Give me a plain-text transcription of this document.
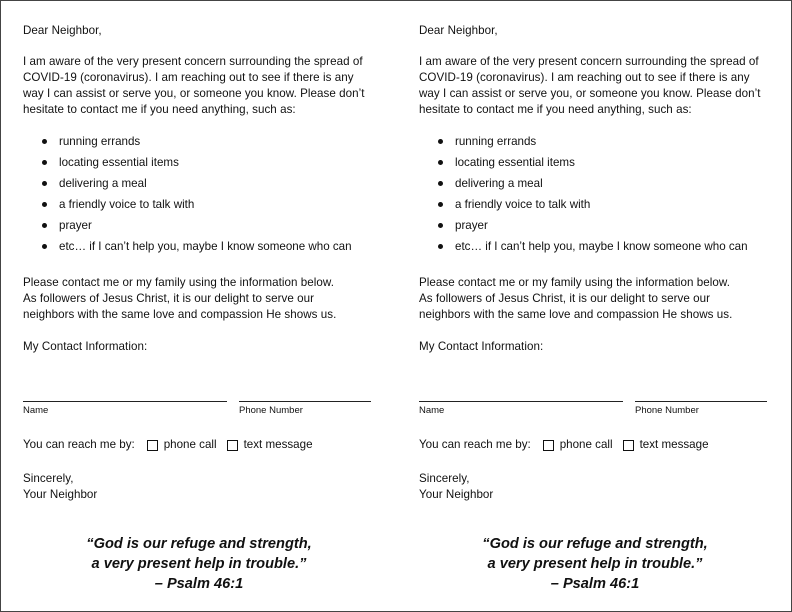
Dear Neighbor,
I am aware of the very present concern surrounding the spread of
COVID-19 (coronavirus). I am reaching out to see if there is any
way I can assist or serve you, or someone you know. Please don’t
hesitate to contact me if you need anything, such as:
running errands
locating essential items
delivering a meal
a friendly voice to talk with
prayer
etc… if I can’t help you, maybe I know someone who can
Please contact me or my family using the information below.
As followers of Jesus Christ, it is our delight to serve our
neighbors with the same love and compassion He shows us.
My Contact Information:
Name	Phone Number
You can reach me by:	phone call text message
Sincerely,
Your Neighbor
“God is our refuge and strength,
a very present help in trouble.”
– Psalm 46:1
Dear Neighbor,
I am aware of the very present concern surrounding the spread of
COVID-19 (coronavirus). I am reaching out to see if there is any
way I can assist or serve you, or someone you know. Please don’t
hesitate to contact me if you need anything, such as:
running errands
locating essential items
delivering a meal
a friendly voice to talk with
prayer
etc… if I can’t help you, maybe I know someone who can
Please contact me or my family using the information below.
As followers of Jesus Christ, it is our delight to serve our
neighbors with the same love and compassion He shows us.
My Contact Information:
Name	Phone Number
You can reach me by:	phone call text message
Sincerely,
Your Neighbor
“God is our refuge and strength,
a very present help in trouble.”
– Psalm 46:1
